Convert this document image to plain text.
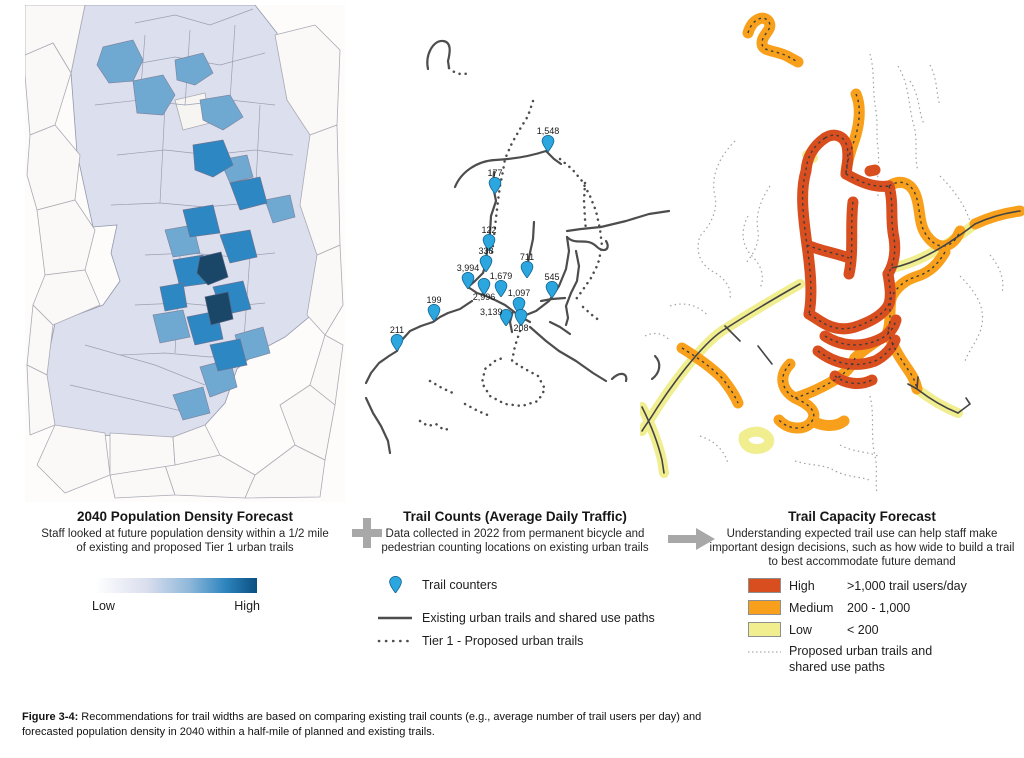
1,548
177
122
338
3,994
711
1,679	545
2,996 1,097
3,139
208
199
211
2040 Population Density Forecast
Staff looked at future population density within a 1/2 mile of existing and proposed Tier 1 urban trails
Low	High
Trail Counts (Average Daily Traffic)
Data collected in 2022 from permanent bicycle and pedestrian counting locations on existing urban trails
Trail counters
Existing urban trails and shared use paths
Tier 1 - Proposed urban trails
Trail Capacity Forecast
Understanding expected trail use can help staff make important design decisions, such as how wide to build a trail to best accommodate future demand
High	>1,000 trail users/day
Medium	200 - 1,000
Low	< 200
Proposed urban trails and shared use paths
Figure 3-4: Recommendations for trail widths are based on comparing existing trail counts (e.g., average number of trail users per day) and forecasted population density in 2040 within a half-mile of planned and existing trails.
